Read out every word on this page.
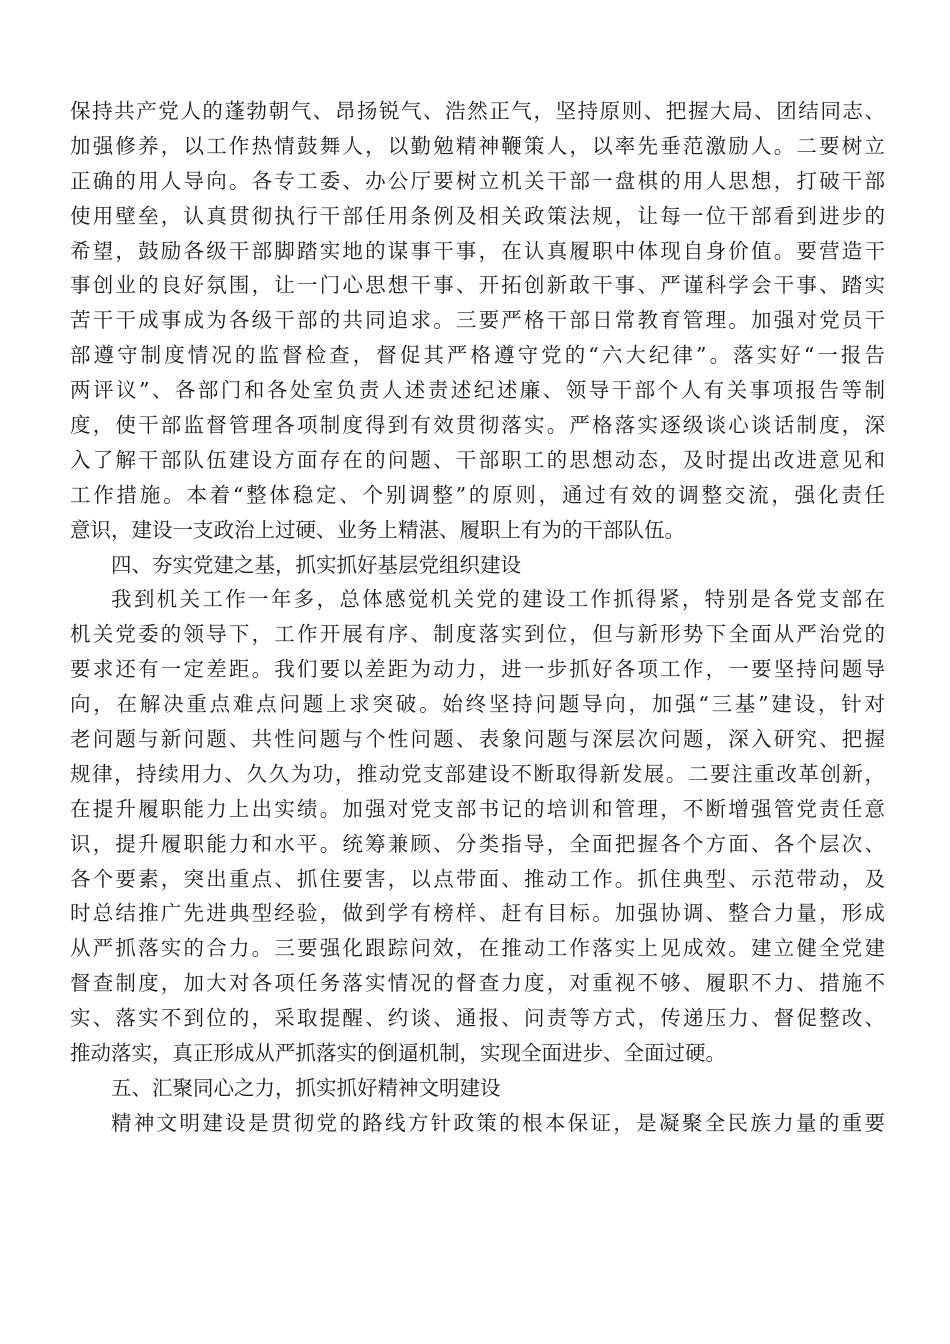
保持共产党人的蓬勃朝气、昂扬锐气、浩然正气，坚持原则、把握大局、团结同志、
加强修养，以工作热情鼓舞人，以勤勉精神鞭策人，以率先垂范激励人。二要树立
正确的用人导向。各专工委、办公厅要树立机关干部一盘棋的用人思想，打破干部
使用壁垒，认真贯彻执行干部任用条例及相关政策法规，让每一位干部看到进步的
希望，鼓励各级干部脚踏实地的谋事干事，在认真履职中体现自身价值。要营造干
事创业的良好氛围，让一门心思想干事、开拓创新敢干事、严谨科学会干事、踏实
苦干干成事成为各级干部的共同追求。三要严格干部日常教育管理。加强对党员干
部遵守制度情况的监督检查，督促其严格遵守党的“六大纪律”。落实好“一报告
两评议”、各部门和各处室负责人述责述纪述廉、领导干部个人有关事项报告等制
度，使干部监督管理各项制度得到有效贯彻落实。严格落实逐级谈心谈话制度，深
入了解干部队伍建设方面存在的问题、干部职工的思想动态，及时提出改进意见和
工作措施。本着“整体稳定、个别调整”的原则，通过有效的调整交流，强化责任
意识，建设一支政治上过硬、业务上精湛、履职上有为的干部队伍。
四、夯实党建之基，抓实抓好基层党组织建设
我到机关工作一年多，总体感觉机关党的建设工作抓得紧，特别是各党支部在
机关党委的领导下，工作开展有序、制度落实到位，但与新形势下全面从严治党的
要求还有一定差距。我们要以差距为动力，进一步抓好各项工作，一要坚持问题导
向，在解决重点难点问题上求突破。始终坚持问题导向，加强“三基”建设，针对
老问题与新问题、共性问题与个性问题、表象问题与深层次问题，深入研究、把握
规律，持续用力、久久为功，推动党支部建设不断取得新发展。二要注重改革创新，
在提升履职能力上出实绩。加强对党支部书记的培训和管理，不断增强管党责任意
识，提升履职能力和水平。统筹兼顾、分类指导，全面把握各个方面、各个层次、
各个要素，突出重点、抓住要害，以点带面、推动工作。抓住典型、示范带动，及
时总结推广先进典型经验，做到学有榜样、赶有目标。加强协调、整合力量，形成
从严抓落实的合力。三要强化跟踪问效，在推动工作落实上见成效。建立健全党建
督查制度，加大对各项任务落实情况的督查力度，对重视不够、履职不力、措施不
实、落实不到位的，采取提醒、约谈、通报、问责等方式，传递压力、督促整改、
推动落实，真正形成从严抓落实的倒逼机制，实现全面进步、全面过硬。
五、汇聚同心之力，抓实抓好精神文明建设
精神文明建设是贯彻党的路线方针政策的根本保证，是凝聚全民族力量的重要
